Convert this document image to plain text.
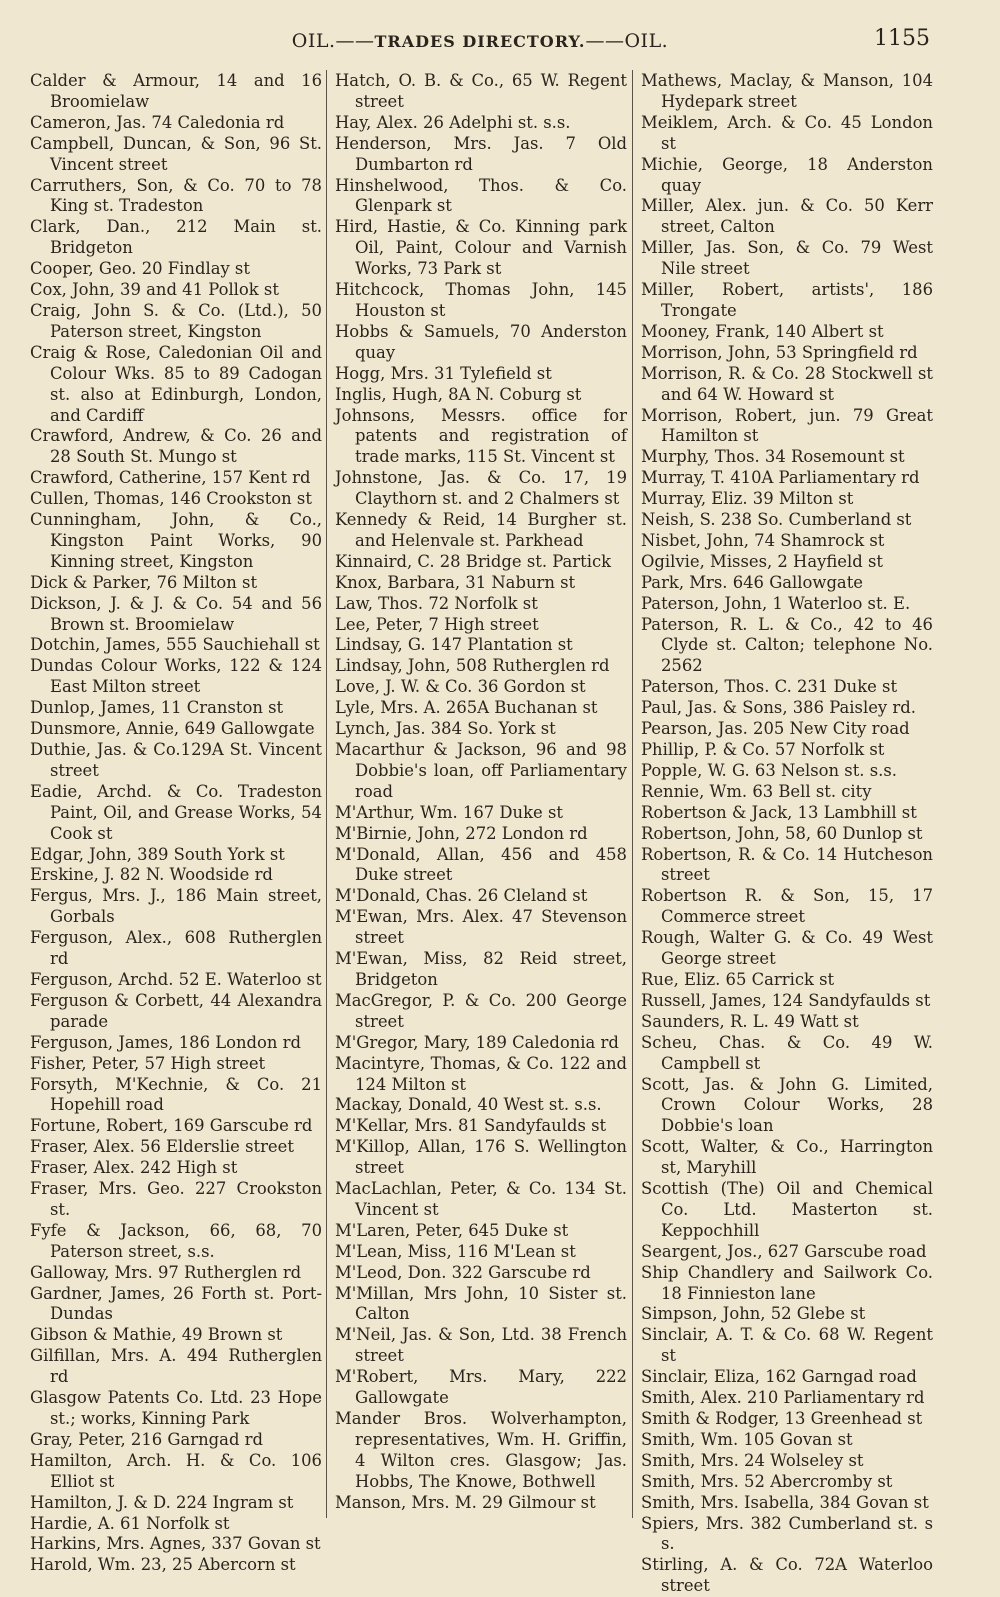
OIL.——TRADES DIRECTORY.——OIL.	1155
Calder & Armour, 14 and 16 Broomielaw
Cameron, Jas. 74 Caledonia rd
Campbell, Duncan, & Son, 96 St. Vincent street
Carruthers, Son, & Co. 70 to 78 King st. Tradeston
Clark, Dan., 212 Main st. Bridgeton
Cooper, Geo. 20 Findlay st
Cox, John, 39 and 41 Pollok st
Craig, John S. & Co. (Ltd.), 50 Paterson street, Kingston
Craig & Rose, Caledonian Oil and Colour Wks. 85 to 89 Cadogan st. also at Edinburgh, London, and Cardiff
Crawford, Andrew, & Co. 26 and 28 South St. Mungo st
Crawford, Catherine, 157 Kent rd
Cullen, Thomas, 146 Crookston st
Cunningham, John, & Co., Kingston Paint Works, 90 Kinning street, Kingston
Dick & Parker, 76 Milton st
Dickson, J. & J. & Co. 54 and 56 Brown st. Broomielaw
Dotchin, James, 555 Sauchiehall st
Dundas Colour Works, 122 & 124 East Milton street
Dunlop, James, 11 Cranston st
Dunsmore, Annie, 649 Gallowgate
Duthie, Jas. & Co.129A St. Vincent street
Eadie, Archd. & Co. Tradeston Paint, Oil, and Grease Works, 54 Cook st
Edgar, John, 389 South York st
Erskine, J. 82 N. Woodside rd
Fergus, Mrs. J., 186 Main street, Gorbals
Ferguson, Alex., 608 Rutherglen rd
Ferguson, Archd. 52 E. Waterloo st
Ferguson & Corbett, 44 Alexandra parade
Ferguson, James, 186 London rd
Fisher, Peter, 57 High street
Forsyth, M'Kechnie, & Co. 21 Hopehill road
Fortune, Robert, 169 Garscube rd
Fraser, Alex. 56 Elderslie street
Fraser, Alex. 242 High st
Fraser, Mrs. Geo. 227 Crookston st.
Fyfe & Jackson, 66, 68, 70 Paterson street, s.s.
Galloway, Mrs. 97 Rutherglen rd
Gardner, James, 26 Forth st. Port-Dundas
Gibson & Mathie, 49 Brown st
Gilfillan, Mrs. A. 494 Rutherglen rd
Glasgow Patents Co. Ltd. 23 Hope st.; works, Kinning Park
Gray, Peter, 216 Garngad rd
Hamilton, Arch. H. & Co. 106 Elliot st
Hamilton, J. & D. 224 Ingram st
Hardie, A. 61 Norfolk st
Harkins, Mrs. Agnes, 337 Govan st
Harold, Wm. 23, 25 Abercorn st
Hatch, O. B. & Co., 65 W. Regent street
Hay, Alex. 26 Adelphi st. s.s.
Henderson, Mrs. Jas. 7 Old Dumbarton rd
Hinshelwood, Thos. & Co. Glenpark st
Hird, Hastie, & Co. Kinning park Oil, Paint, Colour and Varnish Works, 73 Park st
Hitchcock, Thomas John, 145 Houston st
Hobbs & Samuels, 70 Anderston quay
Hogg, Mrs. 31 Tylefield st
Inglis, Hugh, 8A N. Coburg st
Johnsons, Messrs. office for patents and registration of trade marks, 115 St. Vincent st
Johnstone, Jas. & Co. 17, 19 Claythorn st. and 2 Chalmers st
Kennedy & Reid, 14 Burgher st. and Helenvale st. Parkhead
Kinnaird, C. 28 Bridge st. Partick
Knox, Barbara, 31 Naburn st
Law, Thos. 72 Norfolk st
Lee, Peter, 7 High street
Lindsay, G. 147 Plantation st
Lindsay, John, 508 Rutherglen rd
Love, J. W. & Co. 36 Gordon st
Lyle, Mrs. A. 265A Buchanan st
Lynch, Jas. 384 So. York st
Macarthur & Jackson, 96 and 98 Dobbie's loan, off Parliamentary road
M'Arthur, Wm. 167 Duke st
M'Birnie, John, 272 London rd
M'Donald, Allan, 456 and 458 Duke street
M'Donald, Chas. 26 Cleland st
M'Ewan, Mrs. Alex. 47 Stevenson street
M'Ewan, Miss, 82 Reid street, Bridgeton
MacGregor, P. & Co. 200 George street
M'Gregor, Mary, 189 Caledonia rd
Macintyre, Thomas, & Co. 122 and 124 Milton st
Mackay, Donald, 40 West st. s.s.
M'Kellar, Mrs. 81 Sandyfaulds st
M'Killop, Allan, 176 S. Wellington street
MacLachlan, Peter, & Co. 134 St. Vincent st
M'Laren, Peter, 645 Duke st
M'Lean, Miss, 116 M'Lean st
M'Leod, Don. 322 Garscube rd
M'Millan, Mrs John, 10 Sister st. Calton
M'Neil, Jas. & Son, Ltd. 38 French street
M'Robert, Mrs. Mary, 222 Gallowgate
Mander Bros. Wolverhampton, representatives, Wm. H. Griffin, 4 Wilton cres. Glasgow; Jas. Hobbs, The Knowe, Bothwell
Manson, Mrs. M. 29 Gilmour st
Mathews, Maclay, & Manson, 104 Hydepark street
Meiklem, Arch. & Co. 45 London st
Michie, George, 18 Anderston quay
Miller, Alex. jun. & Co. 50 Kerr street, Calton
Miller, Jas. Son, & Co. 79 West Nile street
Miller, Robert, artists', 186 Trongate
Mooney, Frank, 140 Albert st
Morrison, John, 53 Springfield rd
Morrison, R. & Co. 28 Stockwell st and 64 W. Howard st
Morrison, Robert, jun. 79 Great Hamilton st
Murphy, Thos. 34 Rosemount st
Murray, T. 410A Parliamentary rd
Murray, Eliz. 39 Milton st
Neish, S. 238 So. Cumberland st
Nisbet, John, 74 Shamrock st
Ogilvie, Misses, 2 Hayfield st
Park, Mrs. 646 Gallowgate
Paterson, John, 1 Waterloo st. E.
Paterson, R. L. & Co., 42 to 46 Clyde st. Calton; telephone No. 2562
Paterson, Thos. C. 231 Duke st
Paul, Jas. & Sons, 386 Paisley rd.
Pearson, Jas. 205 New City road
Phillip, P. & Co. 57 Norfolk st
Popple, W. G. 63 Nelson st. s.s.
Rennie, Wm. 63 Bell st. city
Robertson & Jack, 13 Lambhill st
Robertson, John, 58, 60 Dunlop st
Robertson, R. & Co. 14 Hutcheson street
Robertson R. & Son, 15, 17 Commerce street
Rough, Walter G. & Co. 49 West George street
Rue, Eliz. 65 Carrick st
Russell, James, 124 Sandyfaulds st
Saunders, R. L. 49 Watt st
Scheu, Chas. & Co. 49 W. Campbell st
Scott, Jas. & John G. Limited, Crown Colour Works, 28 Dobbie's loan
Scott, Walter, & Co., Harrington st, Maryhill
Scottish (The) Oil and Chemical Co. Ltd. Masterton st. Keppochhill
Seargent, Jos., 627 Garscube road
Ship Chandlery and Sailwork Co. 18 Finnieston lane
Simpson, John, 52 Glebe st
Sinclair, A. T. & Co. 68 W. Regent st
Sinclair, Eliza, 162 Garngad road
Smith, Alex. 210 Parliamentary rd
Smith & Rodger, 13 Greenhead st
Smith, Wm. 105 Govan st
Smith, Mrs. 24 Wolseley st
Smith, Mrs. 52 Abercromby st
Smith, Mrs. Isabella, 384 Govan st
Spiers, Mrs. 382 Cumberland st. s s.
Stirling, A. & Co. 72A Waterloo street
